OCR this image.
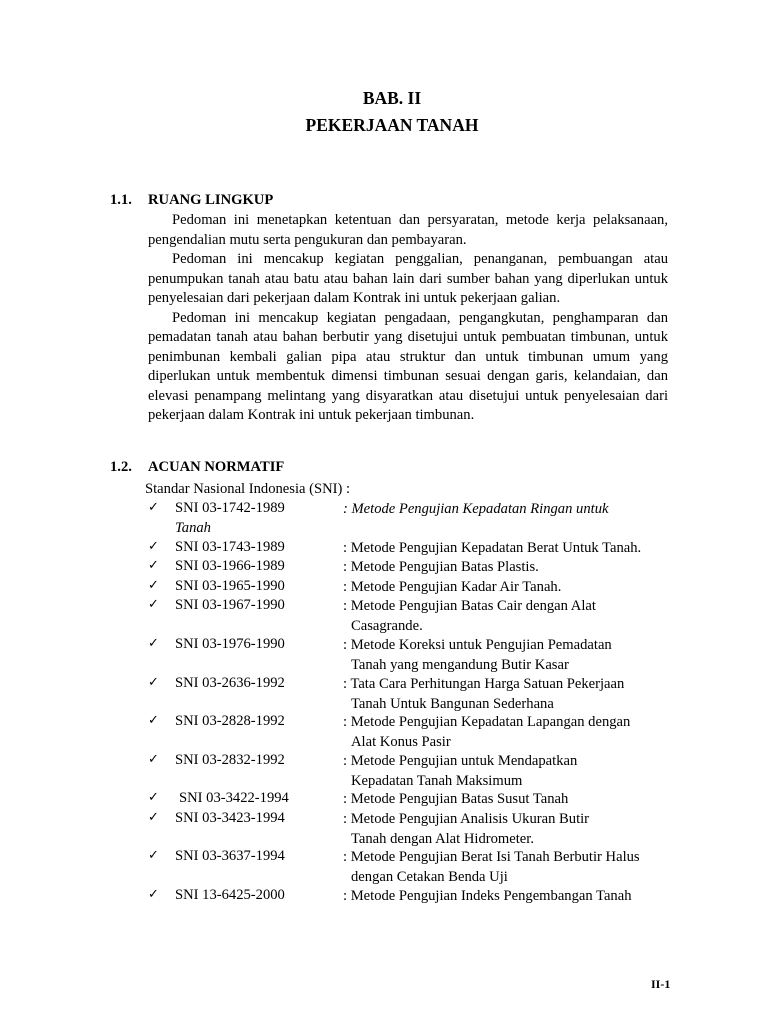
BAB. II
PEKERJAAN TANAH
1.1. RUANG LINGKUP

Pedoman ini menetapkan ketentuan dan persyaratan, metode kerja pelaksanaan, pengendalian mutu serta pengukuran dan pembayaran.

Pedoman ini mencakup kegiatan penggalian, penanganan, pembuangan atau penumpukan tanah atau batu atau bahan lain dari sumber bahan yang diperlukan untuk penyelesaian dari pekerjaan dalam Kontrak ini untuk pekerjaan galian.

Pedoman ini mencakup kegiatan pengadaan, pengangkutan, penghamparan dan pemadatan tanah atau bahan berbutir yang disetujui untuk pembuatan timbunan, untuk penimbunan kembali galian pipa atau struktur dan untuk timbunan umum yang diperlukan untuk membentuk dimensi timbunan sesuai dengan garis, kelandaian, dan elevasi penampang melintang yang disyaratkan atau disetujui untuk penyelesaian dari pekerjaan dalam Kontrak ini untuk pekerjaan timbunan.

1.2. ACUAN NORMATIF
Standar Nasional Indonesia (SNI) :
✓ SNI 03-1742-1989	: Metode Pengujian Kepadatan Ringan untuk
Tanah
✓ SNI 03-1743-1989	: Metode Pengujian Kepadatan Berat Untuk Tanah.
✓ SNI 03-1966-1989	: Metode Pengujian Batas Plastis.
✓ SNI 03-1965-1990	: Metode Pengujian Kadar Air Tanah.
✓ SNI 03-1967-1990	: Metode Pengujian Batas Cair dengan Alat
Casagrande.
✓ SNI 03-1976-1990	: Metode Koreksi untuk Pengujian Pemadatan
Tanah yang mengandung Butir Kasar
✓ SNI 03-2636-1992	: Tata Cara Perhitungan Harga Satuan Pekerjaan
Tanah Untuk Bangunan Sederhana
✓ SNI 03-2828-1992	: Metode Pengujian Kepadatan Lapangan dengan
Alat Konus Pasir
✓ SNI 03-2832-1992	: Metode Pengujian untuk Mendapatkan
Kepadatan Tanah Maksimum
✓ SNI 03-3422-1994	: Metode Pengujian Batas Susut Tanah
✓ SNI 03-3423-1994	: Metode Pengujian Analisis Ukuran Butir
Tanah dengan Alat Hidrometer.
✓ SNI 03-3637-1994	: Metode Pengujian Berat Isi Tanah Berbutir Halus
dengan Cetakan Benda Uji
✓ SNI 13-6425-2000	: Metode Pengujian Indeks Pengembangan Tanah
II-1
